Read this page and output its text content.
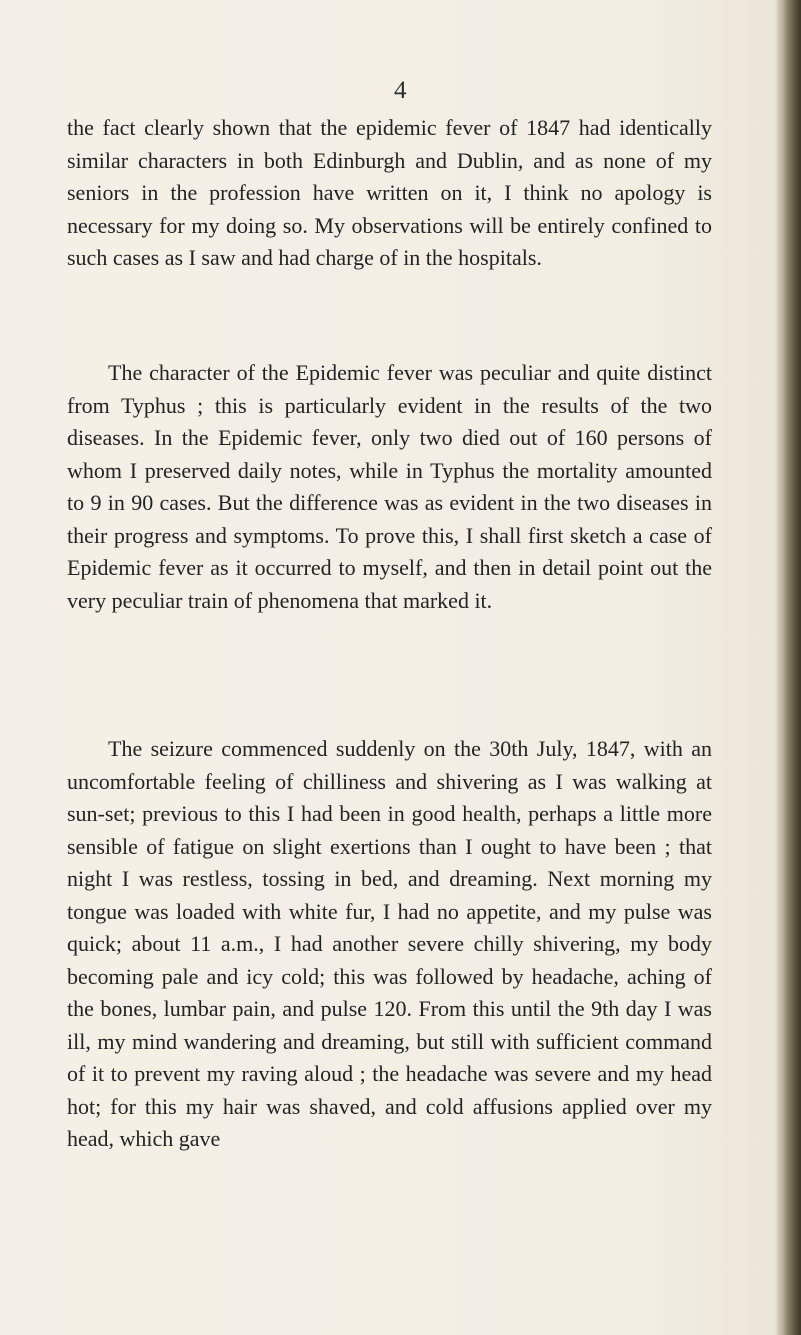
4

the fact clearly shown that the epidemic fever of 1847 had identically similar characters in both Edinburgh and Dublin, and as none of my seniors in the profession have written on it, I think no apology is necessary for my doing so. My observations will be entirely confined to such cases as I saw and had charge of in the hospitals.

The character of the Epidemic fever was peculiar and quite distinct from Typhus ; this is particularly evident in the results of the two diseases. In the Epidemic fever, only two died out of 160 persons of whom I preserved daily notes, while in Typhus the mortality amounted to 9 in 90 cases. But the difference was as evident in the two diseases in their progress and symptoms. To prove this, I shall first sketch a case of Epidemic fever as it occurred to myself, and then in detail point out the very peculiar train of phenomena that marked it.

The seizure commenced suddenly on the 30th July, 1847, with an uncomfortable feeling of chilliness and shivering as I was walking at sun-set; previous to this I had been in good health, perhaps a little more sensible of fatigue on slight exertions than I ought to have been ; that night I was restless, tossing in bed, and dreaming. Next morning my tongue was loaded with white fur, I had no appetite, and my pulse was quick; about 11 a.m., I had another severe chilly shivering, my body becoming pale and icy cold; this was followed by headache, aching of the bones, lumbar pain, and pulse 120. From this until the 9th day I was ill, my mind wandering and dreaming, but still with sufficient command of it to prevent my raving aloud ; the headache was severe and my head hot; for this my hair was shaved, and cold affusions applied over my head, which gave
